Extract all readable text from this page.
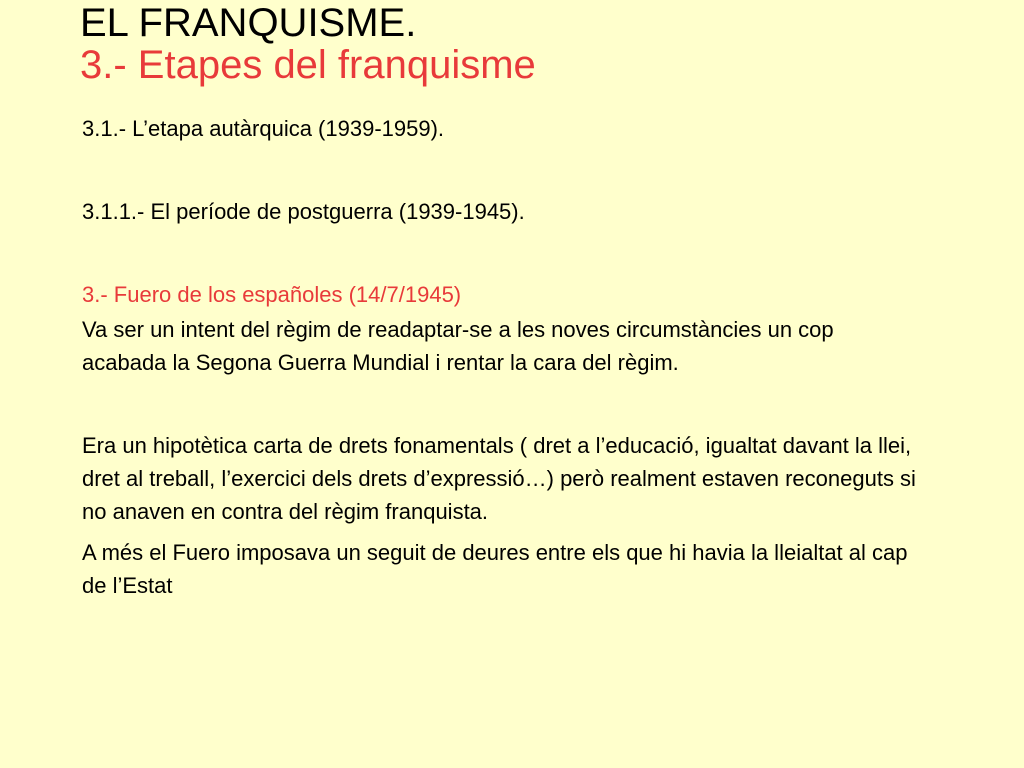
EL FRANQUISME.
3.- Etapes del franquisme

3.1.- L’etapa autàrquica (1939-1959).

3.1.1.- El període de postguerra (1939-1945).

3.- Fuero de los españoles (14/7/1945)

Va ser un intent del règim de readaptar-se a les noves circumstàncies un cop acabada la Segona Guerra Mundial i rentar la cara del règim.

Era un hipotètica carta de drets fonamentals ( dret a l’educació, igualtat davant la llei, dret al treball, l’exercici dels drets d’expressió…) però realment estaven reconeguts si no anaven en contra del règim franquista.

A més el Fuero imposava un seguit de deures entre els que hi havia la lleialtat al cap de l’Estat
